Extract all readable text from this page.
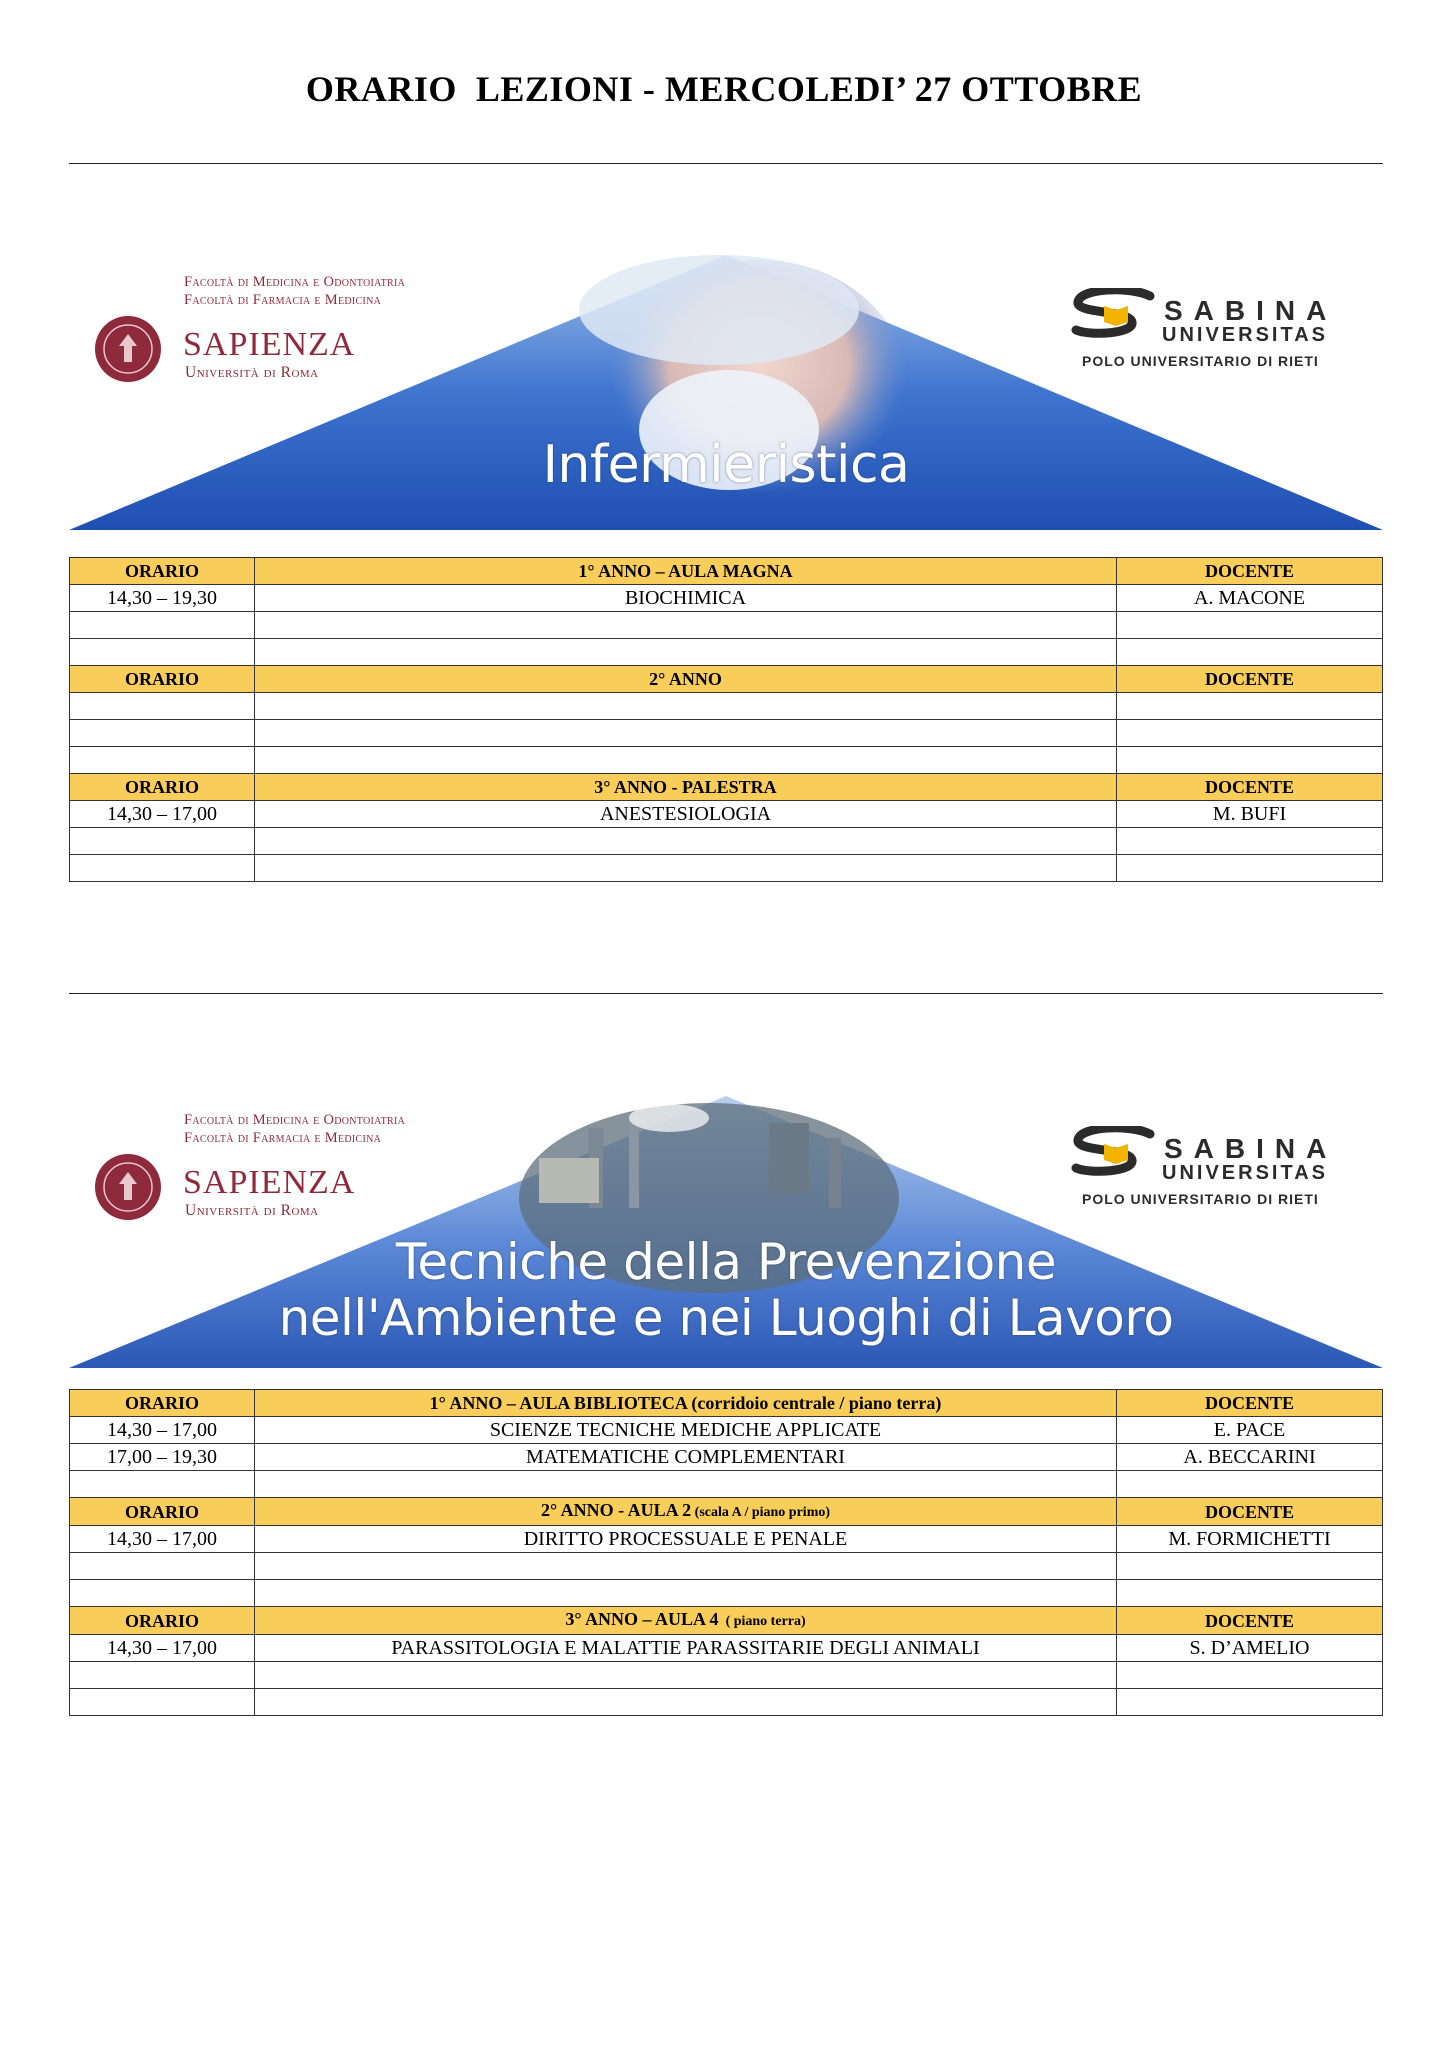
ORARIO  LEZIONI - MERCOLEDI’ 27 OTTOBRE
Facoltà di Medicina e Odontoiatria
Facoltà di Farmacia e Medicina
SAPIENZA
Università di Roma
SABINA
UNIVERSITAS
POLO UNIVERSITARIO DI RIETI
Infermieristica
ORARIO	1° ANNO – AULA MAGNA	DOCENTE
14,30 – 19,30	BIOCHIMICA	A. MACONE

ORARIO	2° ANNO	DOCENTE

ORARIO	3° ANNO - PALESTRA	DOCENTE
14,30 – 17,00	ANESTESIOLOGIA	M. BUFI

Facoltà di Medicina e Odontoiatria
Facoltà di Farmacia e Medicina
SAPIENZA
Università di Roma
SABINA
UNIVERSITAS
POLO UNIVERSITARIO DI RIETI
Tecniche della Prevenzione
nell'Ambiente e nei Luoghi di Lavoro
ORARIO	1° ANNO – AULA BIBLIOTECA (corridoio centrale / piano terra)	DOCENTE
14,30 – 17,00	SCIENZE TECNICHE MEDICHE APPLICATE	E. PACE
17,00 – 19,30	MATEMATICHE COMPLEMENTARI	A. BECCARINI

ORARIO	2° ANNO - AULA 2 (scala A / piano primo)	DOCENTE
14,30 – 17,00	DIRITTO PROCESSUALE E PENALE	M. FORMICHETTI

ORARIO	3° ANNO – AULA 4  ( piano terra)	DOCENTE
14,30 – 17,00	PARASSITOLOGIA E MALATTIE PARASSITARIE DEGLI ANIMALI	S. D’AMELIO
